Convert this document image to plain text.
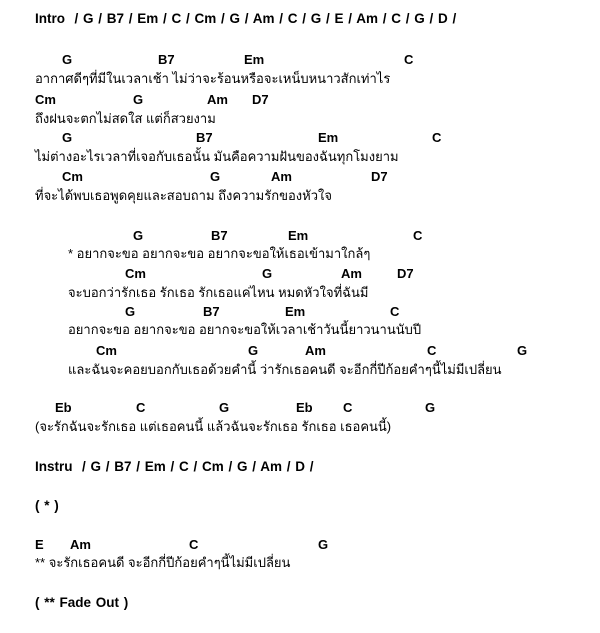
Intro  / G / B7 / Em / C / Cm / G / Am / C / G / E / Am / C / G / D /
G	B7	Em	C
อากาศดีๆที่มีในเวลาเช้า ไม่ว่าจะร้อนหรือจะเหน็บหนาวสักเท่าไร
Cm	G	Am D7
ถึงฝนจะตกไม่สดใส แต่ก็สวยงาม
G	B7	Em	C
ไม่ต่างอะไรเวลาที่เจอกับเธอนั้น มันคือความฝันของฉันทุกโมงยาม
Cm	G	Am	D7
ที่จะได้พบเธอพูดคุยและสอบถาม ถึงความรักของหัวใจ
G	B7	Em	C
* อยากจะขอ อยากจะขอ อยากจะขอให้เธอเข้ามาใกล้ๆ
Cm	G	Am	D7
จะบอกว่ารักเธอ รักเธอ รักเธอแค่ไหน หมดหัวใจที่ฉันมี
G	B7	Em	C
อยากจะขอ อยากจะขอ อยากจะขอให้เวลาเช้าวันนี้ยาวนานนับปี
Cm	G	Am	C	G
และฉันจะคอยบอกกับเธอด้วยคำนี้ ว่ารักเธอคนดี จะอีกกี่ปีก้อยคำๆนี้ไม่มีเปลี่ยน
Eb	C	G	Eb C	G
(จะรักฉันจะรักเธอ แต่เธอคนนี้ แล้วฉันจะรักเธอ รักเธอ เธอคนนี้)
Instru  / G / B7 / Em / C / Cm / G / Am / D /
( * )
E Am	C	G
** จะรักเธอคนดี จะอีกกี่ปีก้อยคำๆนี้ไม่มีเปลี่ยน
( ** Fade Out )
